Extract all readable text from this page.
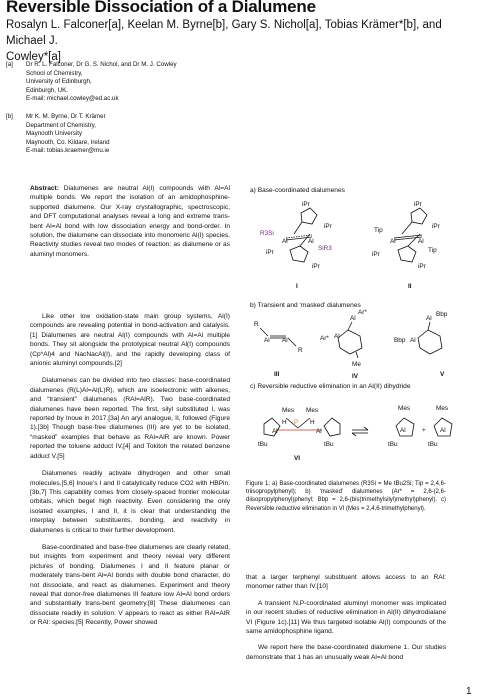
Reversible Dissociation of a Dialumene
Rosalyn L. Falconer[a], Keelan M. Byrne[b], Gary S. Nichol[a], Tobias Krämer*[b], and Michael J.
Cowley*[a]
[a] Dr R. L. Falconer, Dr G. S. Nichol, and Dr M. J. Cowley
School of Chemistry,
University of Edinburgh,
Edinburgh, UK.
E-mail: michael.cowley@ed.ac.uk
[b] Mr K. M. Byrne, Dr T. Krämer
Department of Chemistry,
Maynooth University
Maynooth, Co. Kildare, Ireland
E-mail: tobias.kraemer@mu.ie
Abstract: Dialumenes are neutral Al(I) compounds with Al=Al multiple bonds. We report the isolation of an amidophosphine-supported dialumene. Our X-ray crystallographic, spectroscopic, and DFT computational analyses reveal a long and extreme trans-bent Al=Al bond with low dissociation energy and bond-order. In solution, the dialumene can dissociate into monomeric Al(I) species. Reactivity studies reveal two modes of reaction: as dialumene or as aluminyl monomers.

Like other low oxidation-state main group systems, Al(I) compounds are revealing potential in bond-activation and catalysis.[1] Dialumenes are neutral Al(I) compounds with Al=Al multiple bonds. They sit alongside the prototypical neutral Al(I) compounds (Cp*Al)4 and NacNacAl(I), and the rapidly developing class of anionic aluminyl compounds.[2]

Dialumenes can be divided into two classes: base-coordinated dialumenes (R(L)Al=Al(L)R), which are isoelectronic with alkenes, and “transient” dialumenes (RAl=AlR). Two base-coordinated dialumenes have been reported. The first, silyl substituted I, was reported by Inoue in 2017.[3a] An aryl analogue, II, followed (Figure 1).[3b] Though base-free dialumenes (III) are yet to be isolated, “masked” examples that behave as RAl=AlR are known. Power reported the toluene adduct IV,[4] and Tokitoh the related benzene adduct V.[5]

Dialumenes readily activate dihydrogen and other small molecules.[5,6] Inoue’s I and II catalytically reduce CO2 with HBPin.[3b,7] This capability comes from closely-spaced frontier molecular orbitals, which beget high reactivity. Even considering the only isolated examples, I and II, it is clear that understanding the interplay between substituents, bonding, and reactivity in dialumenes is critical to their further development.

Base-coordinated and base-free dialumenes are clearly related, but insights from experiment and theory reveal very different pictures of bonding. Dialumenes I and II feature planar or moderately trans-bent Al=Al bonds with double bond character, do not dissociate, and react as dialumenes. Experiment and theory reveal that donor-free dialumenes III feature low Al=Al bond orders and substantially trans-bent geometry.[8] These dialumenes can dissociate readily in solution: V appears to react as either RAl=AlR or RAl: species.[5] Recently, Power showed

a) Base-coordinated dialumenes
b) Transient and ‘masked’ dialumenes
c) Reversible reductive elimination in an Al(II) dihydride
R3Si
Al	Al
SiR3
iPr
iPr
iPr
iPr
I
Tip
Al	Al
Tip
iPr
iPr
iPr
iPr
II
R
Al Al
R
III
Al
Ar*
Ar* Al
Me
IV
Al
Bbp
Bbp Al
V
Mes Mes
H	H
P
Al	Al
tBu	tBu
VI
Mes	Mes
Al	Al
tBu	tBu
+
Figure 1: a) Base-coordinated dialumenes (R3Si = Me tBu2Si; Tip = 2,4,6-triisopropylphenyl); b) ‘masked’ dialumenes (Ar* = 2,6-(2,6-diisopropylphenyl)phenyl; Bbp = 2,6-(bis(trimethylsilyl)methyl)phenyl). c) Reversible reductive elimination in VI (Mes = 2,4,6-trimethylphenyl).

that a larger terphenyl substituent allows access to an RAl: monomer rather than IV.[10]

A transient N,P-coordinated aluminyl monomer was implicated in our recent studies of reductive elimination in Al(II) dihydrodialane VI (Figure 1c).[11] We thus targeted isolable Al(I) compounds of the same amidophosphine ligand.

We report here the base-coordinated dialumene 1. Our studies demonstrate that 1 has an unusually weak Al=Al bond

1
